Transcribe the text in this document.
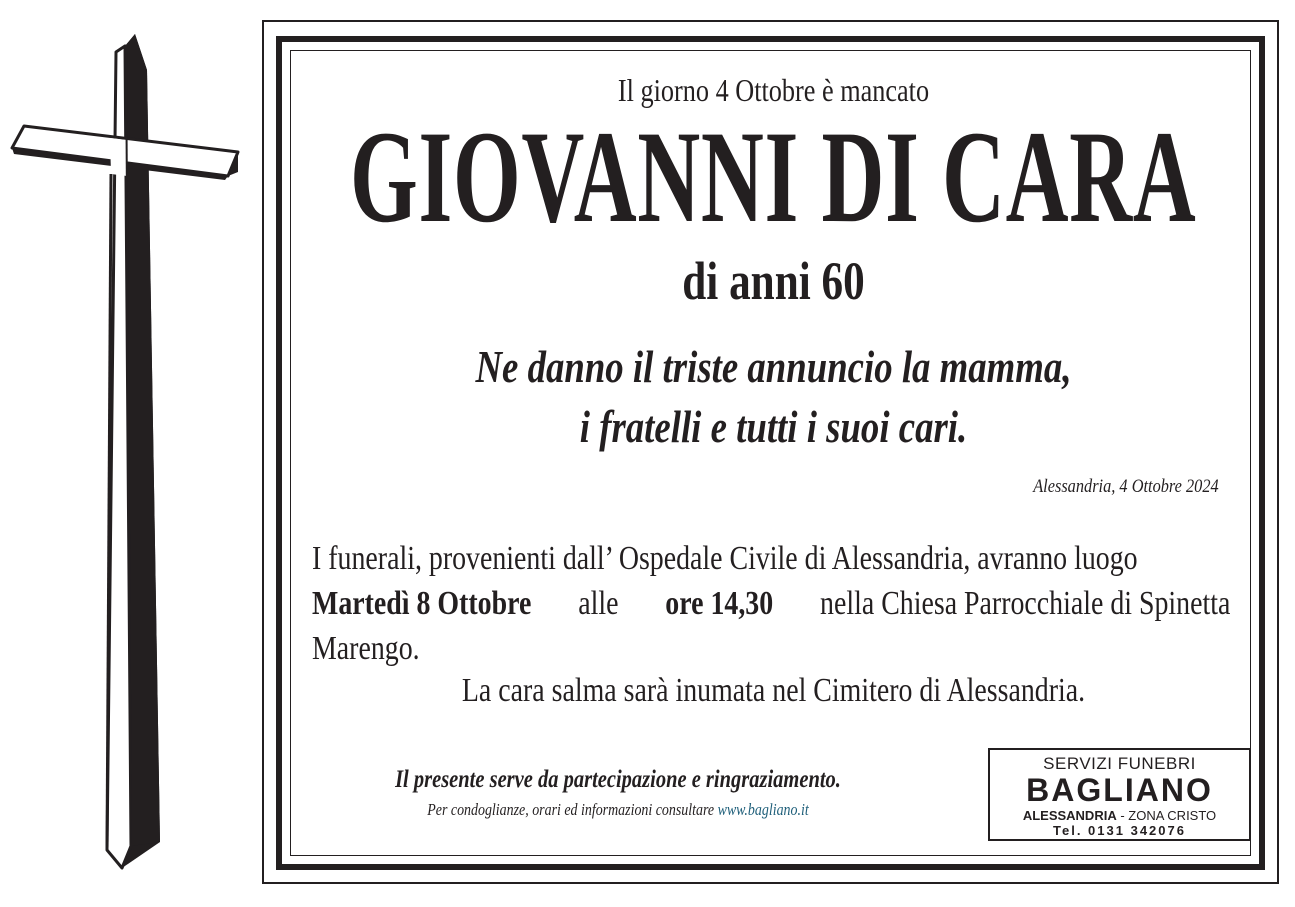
Il giorno 4 Ottobre è mancato
GIOVANNI DI CARA
di anni 60
Ne danno il triste annuncio la mamma,
i fratelli e tutti i suoi cari.
Alessandria, 4 Ottobre 2024
I funerali, provenienti dall’ Ospedale Civile di Alessandria, avranno luogo
Martedì 8 Ottobre alle ore 14,30 nella Chiesa Parrocchiale di Spinetta
Marengo.
La cara salma sarà inumata nel Cimitero di Alessandria.
Il presente serve da partecipazione e ringraziamento.
Per condoglianze, orari ed informazioni consultare www.bagliano.it
SERVIZI FUNEBRI
BAGLIANO
ALESSANDRIA - ZONA CRISTO
Tel. 0131 342076
